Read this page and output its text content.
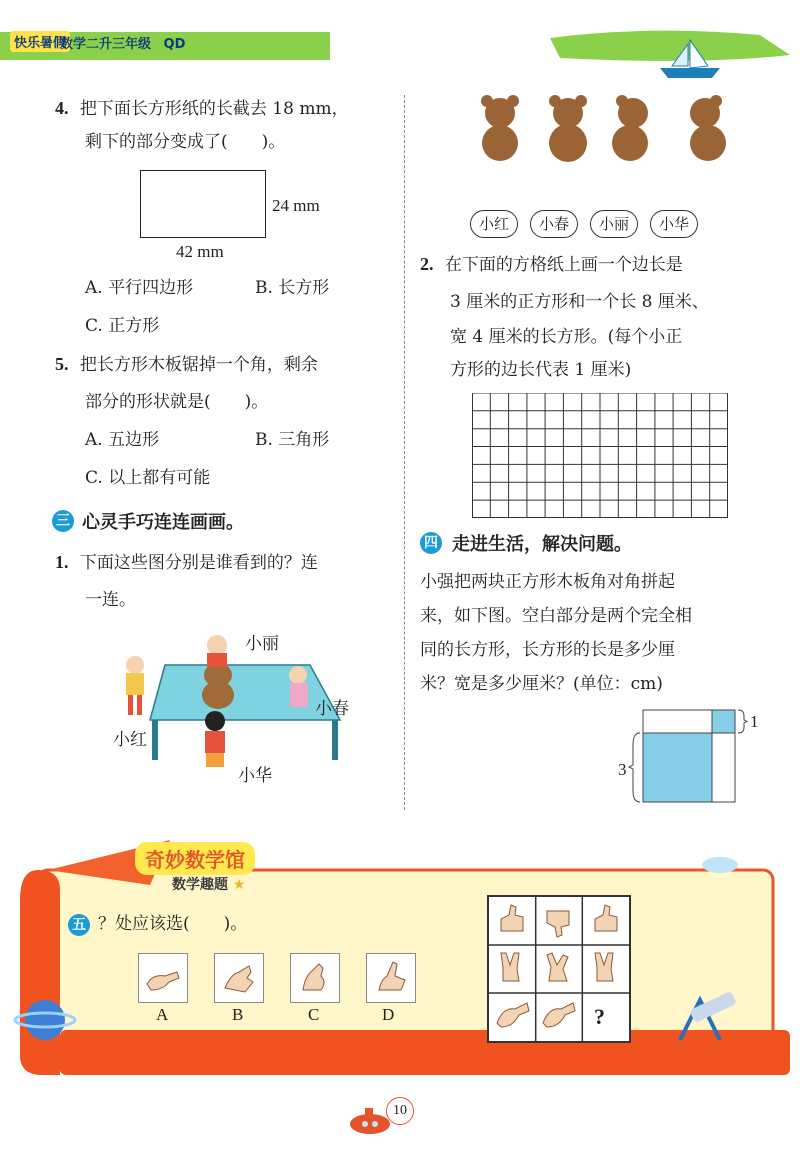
快乐暑假
数学二升三年级 QD
4. 把下面长方形纸的长截去 18 mm，
剩下的部分变成了(　　)。
24 mm
42 mm
A. 平行四边形	B. 长方形
C. 正方形
5. 把长方形木板锯掉一个角，剩余
部分的形状就是(　　)。
A. 五边形	B. 三角形
C. 以上都有可能
三 心灵手巧连连画画。
1. 下面这些图分别是谁看到的？连
一连。
小丽
小春
小红
小华
小红	小春	小丽	小华
2. 在下面的方格纸上画一个边长是
3 厘米的正方形和一个长 8 厘米、
宽 4 厘米的长方形。(每个小正
方形的边长代表 1 厘米)
四 走进生活，解决问题。
小强把两块正方形木板角对角拼起
来，如下图。空白部分是两个完全相
同的长方形，长方形的长是多少厘
米？宽是多少厘米？(单位：cm)
1
3
奇妙数学馆
数学趣题 ★
五 ？处应该选(　　)。
A	B	C	D	?
10
